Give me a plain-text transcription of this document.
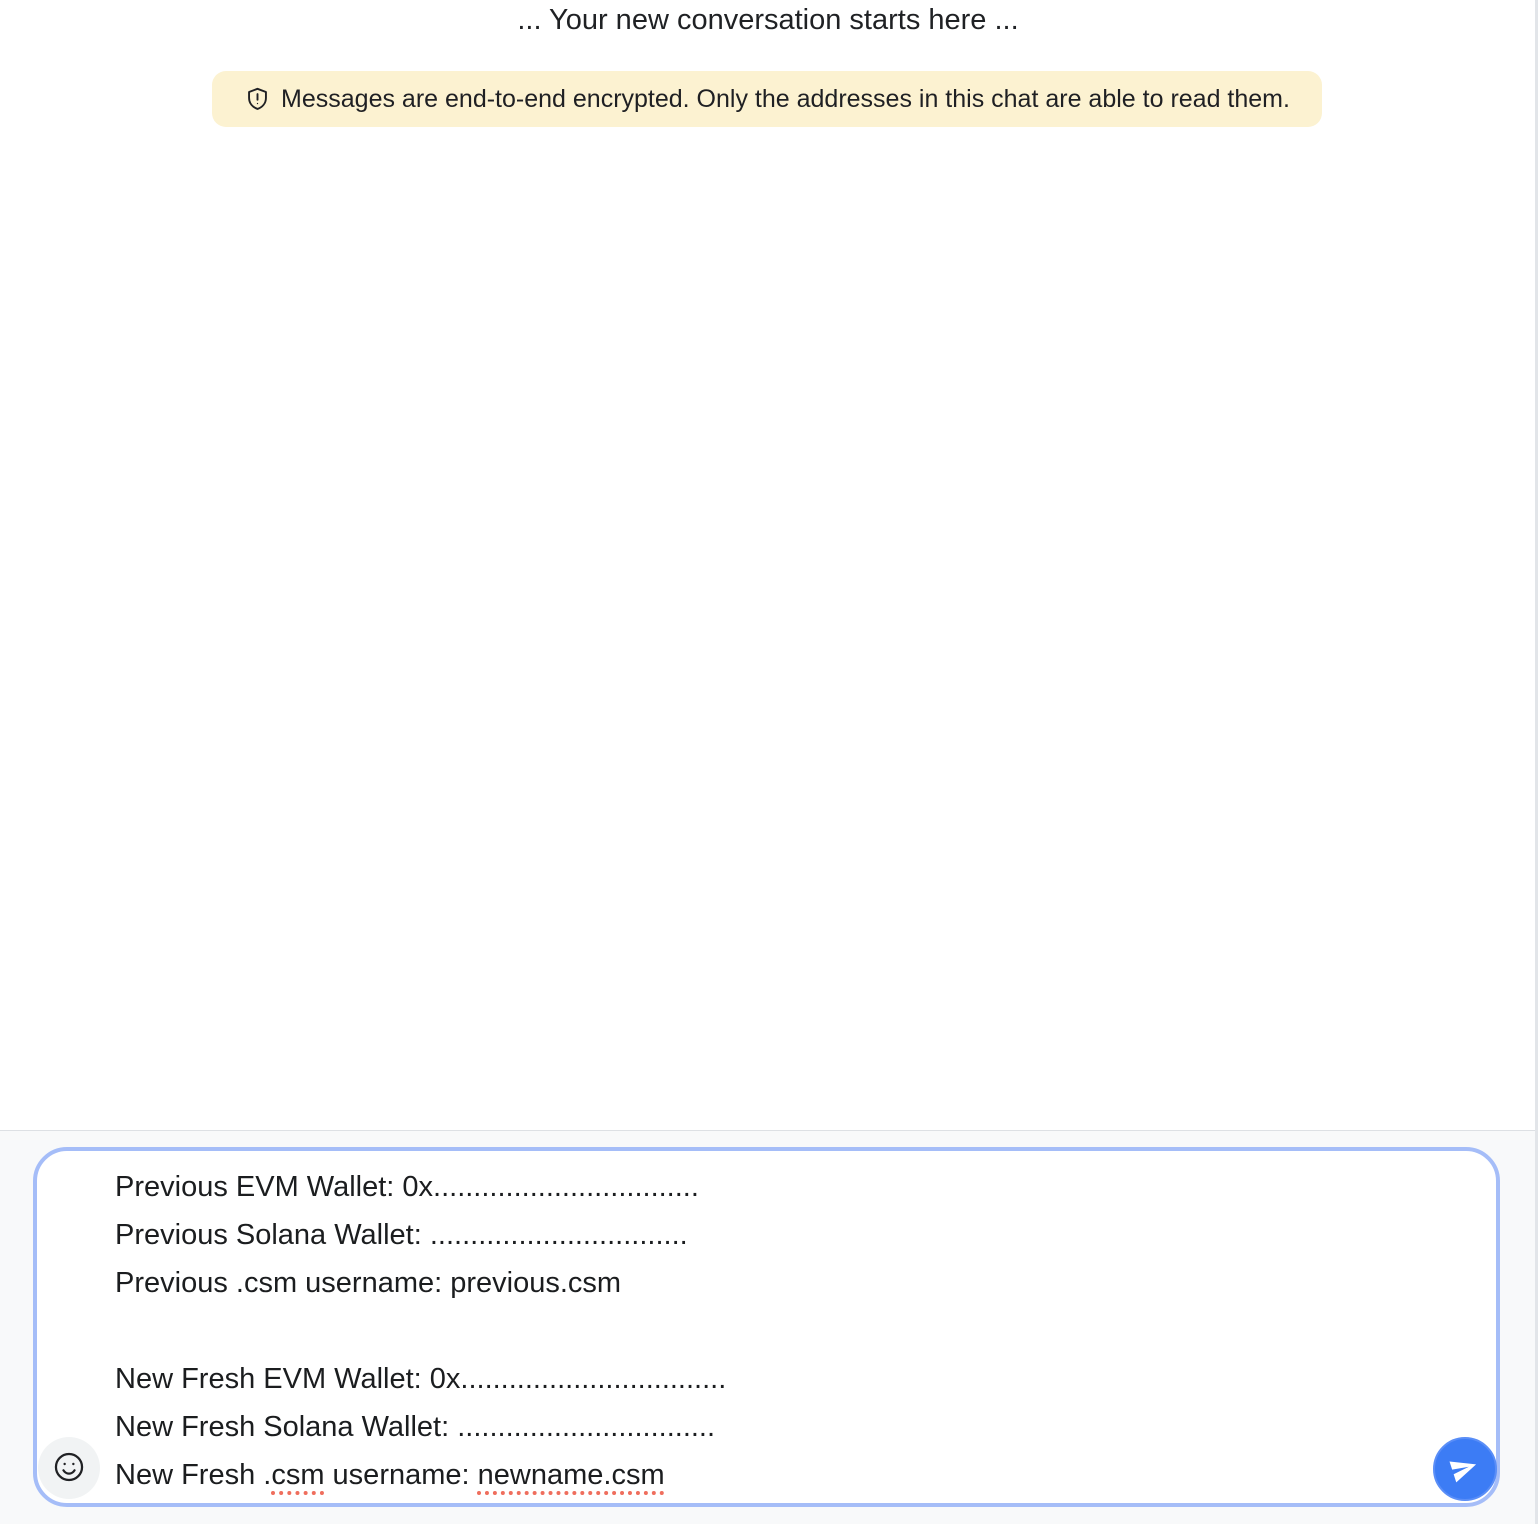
... Your new conversation starts here ...
Messages are end-to-end encrypted. Only the addresses in this chat are able to read them.
Previous EVM Wallet: 0x.................................
Previous Solana Wallet: ................................
Previous .csm username: previous.csm

New Fresh EVM Wallet: 0x.................................
New Fresh Solana Wallet: ................................
New Fresh .csm username: newname.csm
